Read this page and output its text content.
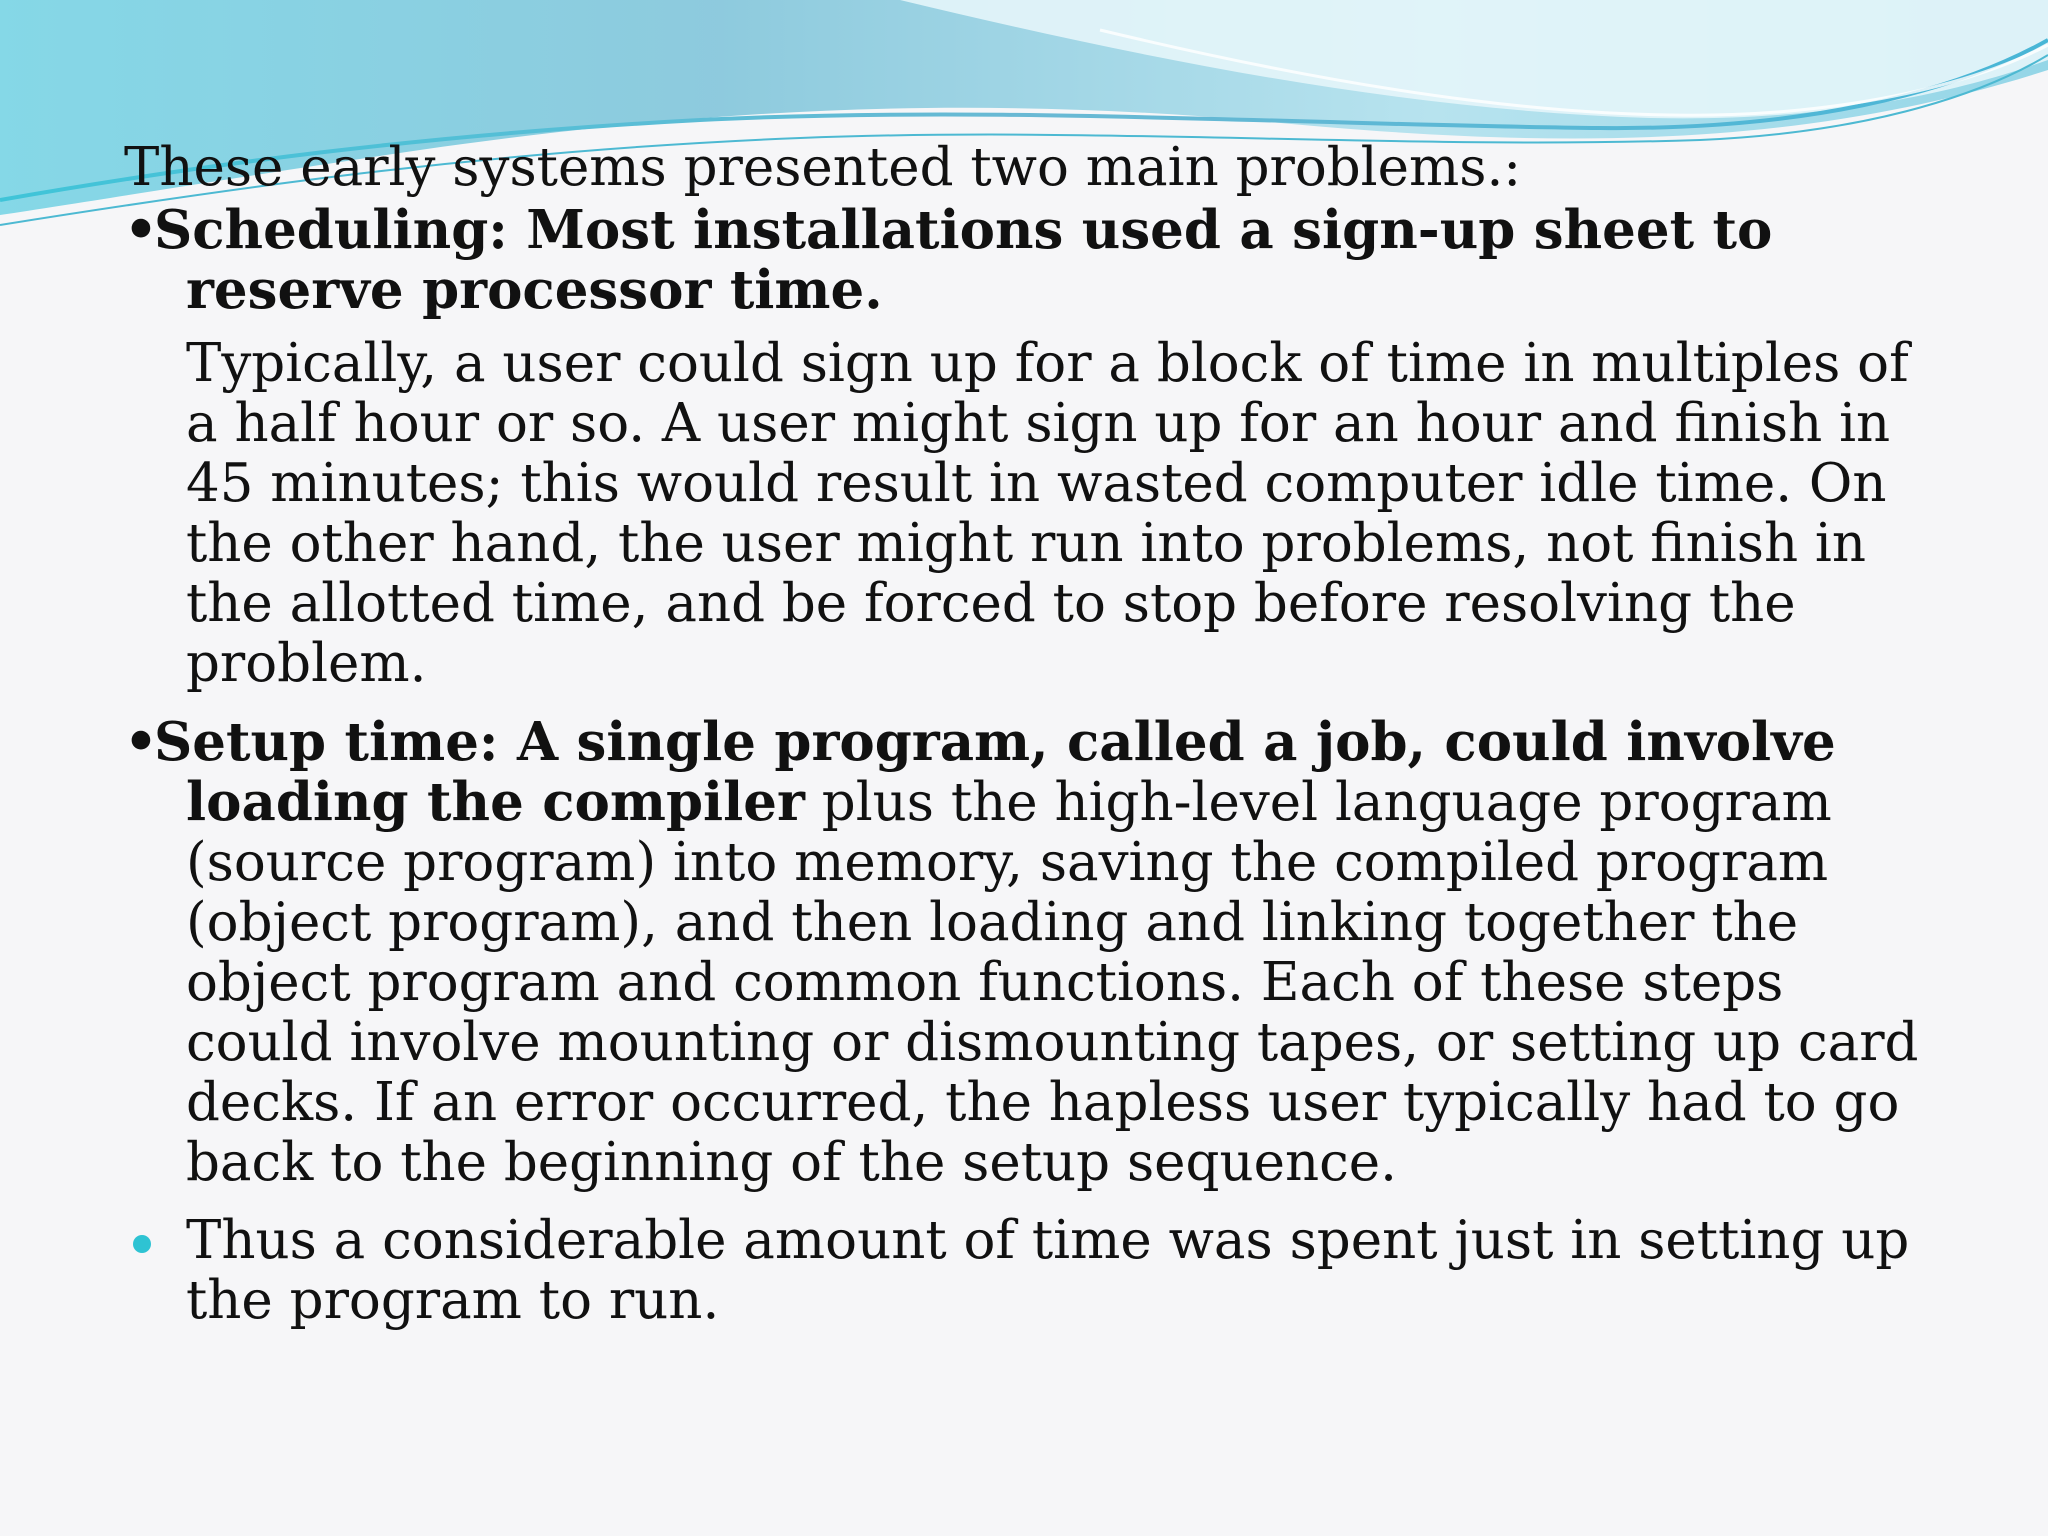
These early systems presented two main problems.:

•
Scheduling: Most installations used a sign-up sheet to
reserve processor time.
Typically, a user could sign up for a block of time in multiples of
a half hour or so. A user might sign up for an hour and finish in
45 minutes; this would result in wasted computer idle time. On
the other hand, the user might run into problems, not finish in
the allotted time, and be forced to stop before resolving the
problem.
•
Setup time: A single program, called a job, could involve
loading the compiler plus the high-level language program
(source program) into memory, saving the compiled program
(object program), and then loading and linking together the
object program and common functions. Each of these steps
could involve mounting or dismounting tapes, or setting up card
decks. If an error occurred, the hapless user typically had to go
back to the beginning of the setup sequence.
Thus a considerable amount of time was spent just in setting up
the program to run.
